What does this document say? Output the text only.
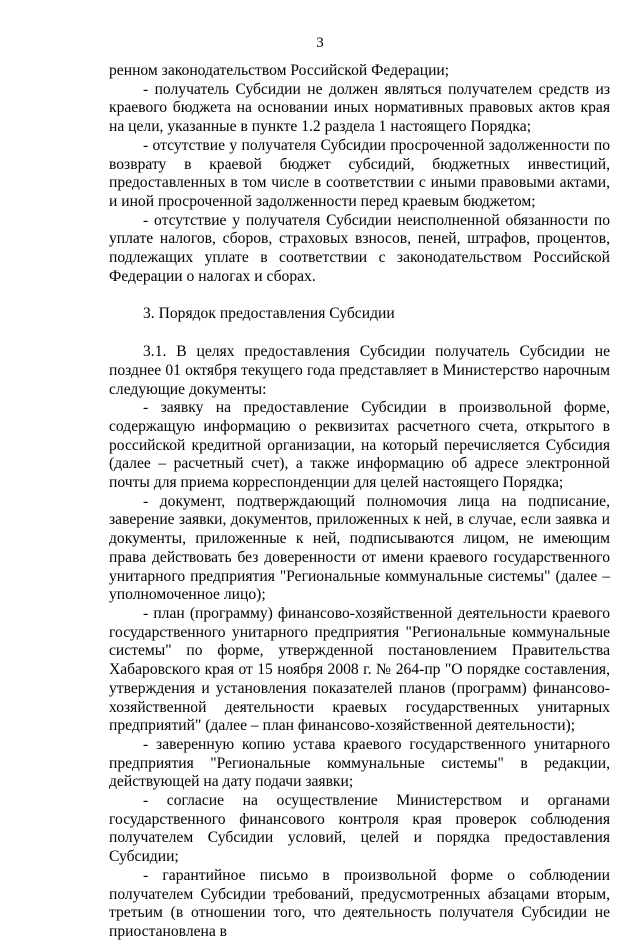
3

ренном законодательством Российской Федерации;

- получатель Субсидии не должен являться получателем средств из краевого бюджета на основании иных нормативных правовых актов края на цели, указанные в пункте 1.2 раздела 1 настоящего Порядка;

- отсутствие у получателя Субсидии просроченной задолженности по возврату в краевой бюджет субсидий, бюджетных инвестиций, предоставленных в том числе в соответствии с иными правовыми актами, и иной просроченной задолженности перед краевым бюджетом;

- отсутствие у получателя Субсидии неисполненной обязанности по уплате налогов, сборов, страховых взносов, пеней, штрафов, процентов, подлежащих уплате в соответствии с законодательством Российской Федерации о налогах и сборах.

3. Порядок предоставления Субсидии

3.1. В целях предоставления Субсидии получатель Субсидии не позднее 01 октября текущего года представляет в Министерство нарочным следующие документы:

- заявку на предоставление Субсидии в произвольной форме, содержащую информацию о реквизитах расчетного счета, открытого в российской кредитной организации, на который перечисляется Субсидия (далее – расчетный счет), а также информацию об адресе электронной почты для приема корреспонденции для целей настоящего Порядка;

- документ, подтверждающий полномочия лица на подписание, заверение заявки, документов, приложенных к ней, в случае, если заявка и документы, приложенные к ней, подписываются лицом, не имеющим права действовать без доверенности от имени краевого государственного унитарного предприятия "Региональные коммунальные системы" (далее – уполномоченное лицо);

- план (программу) финансово-хозяйственной деятельности краевого государственного унитарного предприятия "Региональные коммунальные системы" по форме, утвержденной постановлением Правительства Хабаровского края от 15 ноября 2008 г. № 264-пр "О порядке составления, утверждения и установления показателей планов (программ) финансово-хозяйственной деятельности краевых государственных унитарных предприятий" (далее – план финансово-хозяйственной деятельности);

- заверенную копию устава краевого государственного унитарного предприятия "Региональные коммунальные системы" в редакции, действующей на дату подачи заявки;

- согласие на осуществление Министерством и органами государственного финансового контроля края проверок соблюдения получателем Субсидии условий, целей и порядка предоставления Субсидии;

- гарантийное письмо в произвольной форме о соблюдении получателем Субсидии требований, предусмотренных абзацами вторым, третьим (в отношении того, что деятельность получателя Субсидии не приостановлена в
